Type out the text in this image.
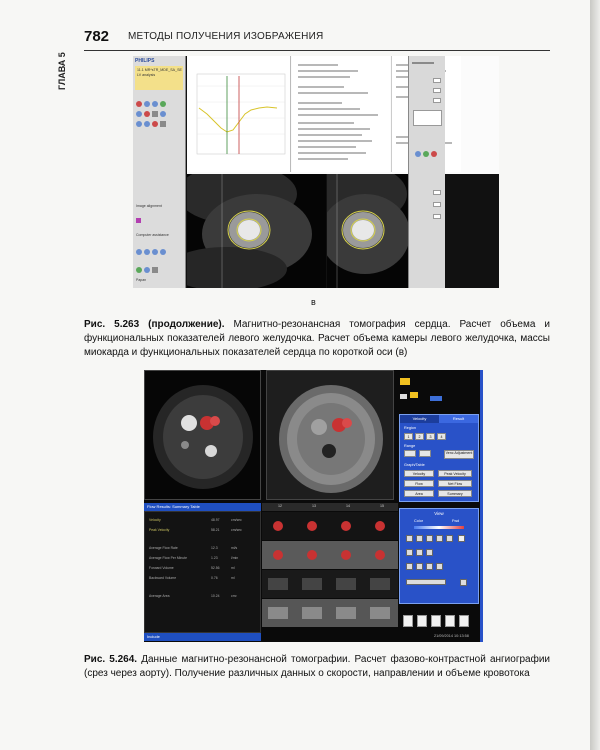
782 МЕТОДЫ ПОЛУЧЕНИЯ ИЗОБРАЖЕНИЯ
ГЛАВА 5	PHILIPS
11.1 MR*sTR_MDE_SA_SE
LV analysis
Image alignment
Computer assistance
Papan
в
Рис. 5.263 (продолжение). Магнитно-резонансная томография сердца. Расчет объема и функциональных показателей левого желудочка. Расчет объема камеры левого желудочка, массы миокарда и функциональных показателей сердца по короткой оси (в)
Velocity	Result
Region
1	2	3	4
Range
Venc Adjustment
Graph/Table
Velocity	Peak Velocity
Flow	Net Flow
Area	Summary
Flow Results: Summary Table
Velocity	48.97	cm/sec
Peak Velocity	58.21	cm/sec
Average Flow Rate	12.3	ml/s
Average Flow Per Minute	1.23	l/min
Forward Volume	52.56	ml
Backward Volume	0.76	ml
Average Area	10.24	cm²
Include
12	13	14	15
View
Color	Fwd
21/09/2014 10:13:58
Рис. 5.264. Данные магнитно-резонансной томографии. Расчет фазово-контрастной ангиографии (срез через аорту). Получение различных данных о скорости, направлении и объеме кровотока
